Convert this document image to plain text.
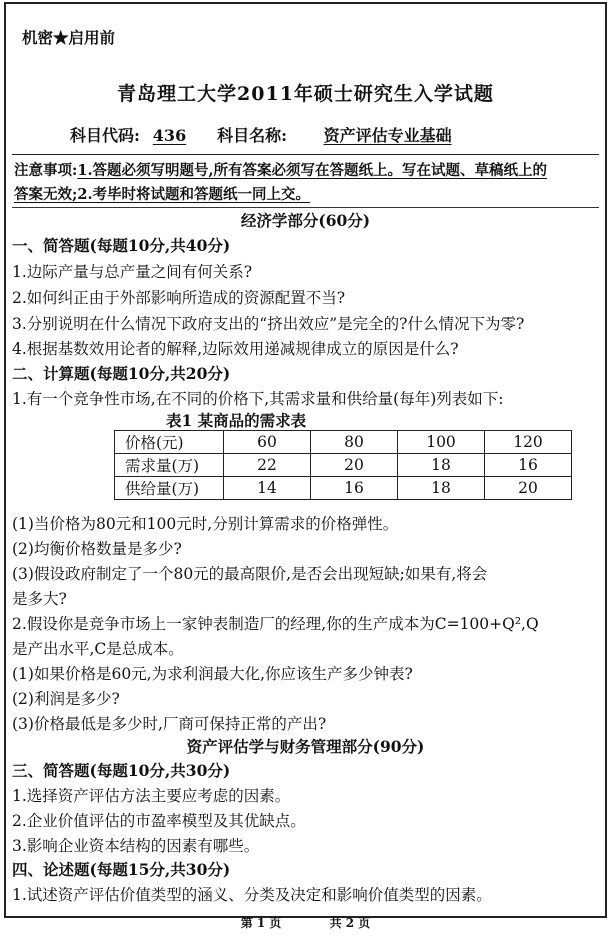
机密★启用前
青岛理工大学2011年硕士研究生入学试题
科目代码: 436 科目名称: 资产评估专业基础
注意事项:1.答题必须写明题号,所有答案必须写在答题纸上。写在试题、草稿纸上的
答案无效;2.考毕时将试题和答题纸一同上交。
经济学部分(60分)
一、简答题(每题10分,共40分)
1.边际产量与总产量之间有何关系?
2.如何纠正由于外部影响所造成的资源配置不当?
3.分别说明在什么情况下政府支出的“挤出效应”是完全的?什么情况下为零?
4.根据基数效用论者的解释,边际效用递减规律成立的原因是什么?
二、计算题(每题10分,共20分)
1.有一个竞争性市场,在不同的价格下,其需求量和供给量(每年)列表如下:
表1 某商品的需求表
价格(元)	60	80	100	120
需求量(万)	22	20	18	16
供给量(万)	14	16	18	20
(1)当价格为80元和100元时,分别计算需求的价格弹性。
(2)均衡价格数量是多少?
(3)假设政府制定了一个80元的最高限价,是否会出现短缺;如果有,将会
是多大?
2.假设你是竞争市场上一家钟表制造厂的经理,你的生产成本为C=100+Q²,Q
是产出水平,C是总成本。
(1)如果价格是60元,为求利润最大化,你应该生产多少钟表?
(2)利润是多少?
(3)价格最低是多少时,厂商可保持正常的产出?
资产评估学与财务管理部分(90分)
三、简答题(每题10分,共30分)
1.选择资产评估方法主要应考虑的因素。
2.企业价值评估的市盈率模型及其优缺点。
3.影响企业资本结构的因素有哪些。
四、论述题(每题15分,共30分)
1.试述资产评估价值类型的涵义、分类及决定和影响价值类型的因素。
第 1 页	共 2 页
